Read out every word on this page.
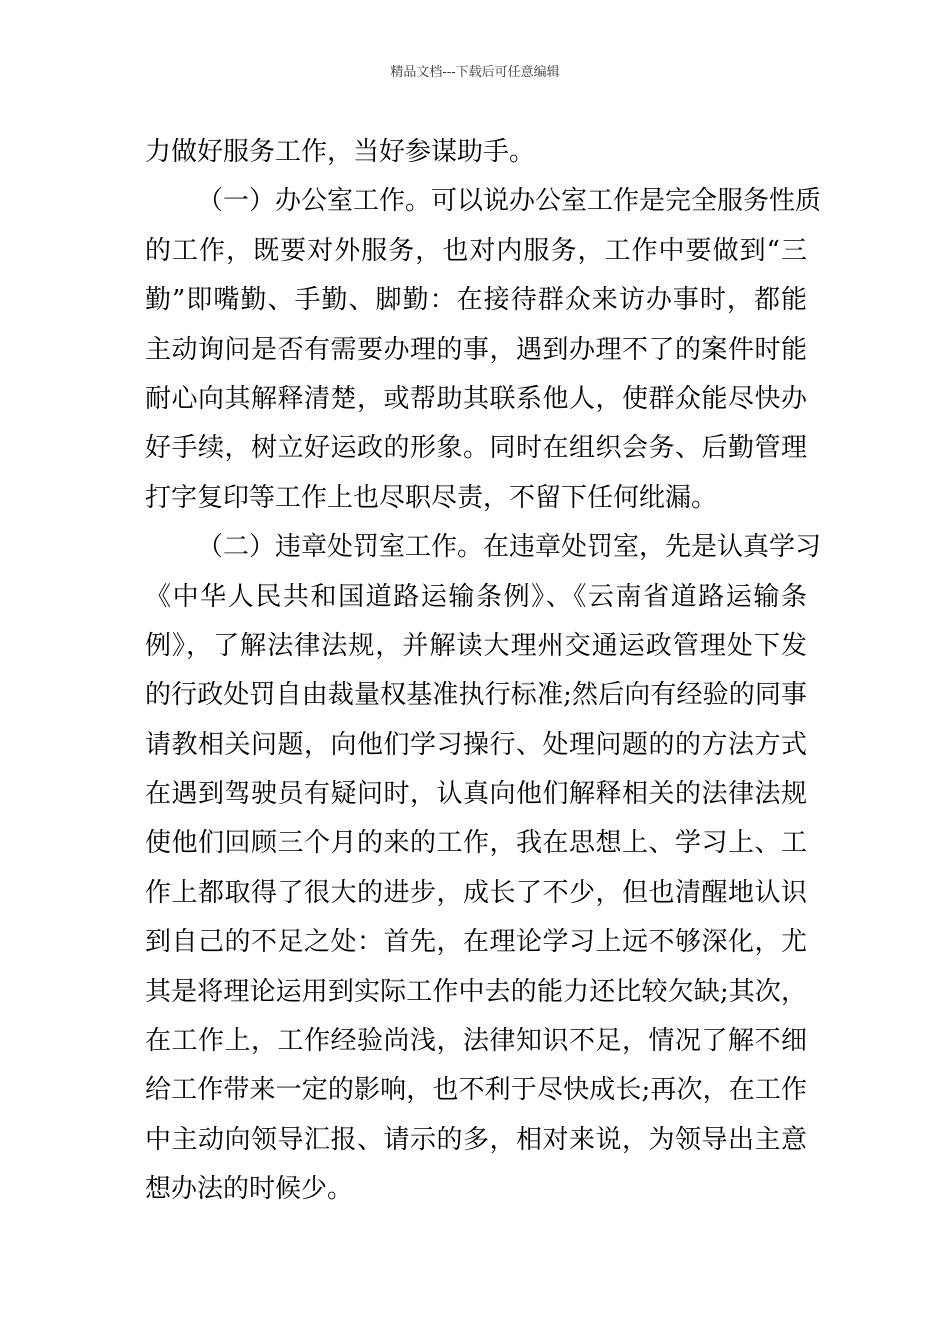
精品文档---下载后可任意编辑
力做好服务工作，当好参谋助手。
（一）办公室工作。可以说办公室工作是完全服务性质
的工作，既要对外服务，也对内服务，工作中要做到“三
勤”即嘴勤、手勤、脚勤：在接待群众来访办事时，都能
主动询问是否有需要办理的事，遇到办理不了的案件时能
耐心向其解释清楚，或帮助其联系他人，使群众能尽快办
好手续，树立好运政的形象。同时在组织会务、后勤管理
打字复印等工作上也尽职尽责，不留下任何纰漏。
（二）违章处罚室工作。在违章处罚室，先是认真学习
《中华人民共和国道路运输条例》、《云南省道路运输条
例》，了解法律法规，并解读大理州交通运政管理处下发
的行政处罚自由裁量权基准执行标准;然后向有经验的同事
请教相关问题，向他们学习操行、处理问题的的方法方式
在遇到驾驶员有疑问时，认真向他们解释相关的法律法规
使他们回顾三个月的来的工作，我在思想上、学习上、工
作上都取得了很大的进步，成长了不少，但也清醒地认识
到自己的不足之处：首先，在理论学习上远不够深化，尤
其是将理论运用到实际工作中去的能力还比较欠缺;其次，
在工作上，工作经验尚浅，法律知识不足，情况了解不细
给工作带来一定的影响，也不利于尽快成长;再次，在工作
中主动向领导汇报、请示的多，相对来说，为领导出主意
想办法的时候少。
